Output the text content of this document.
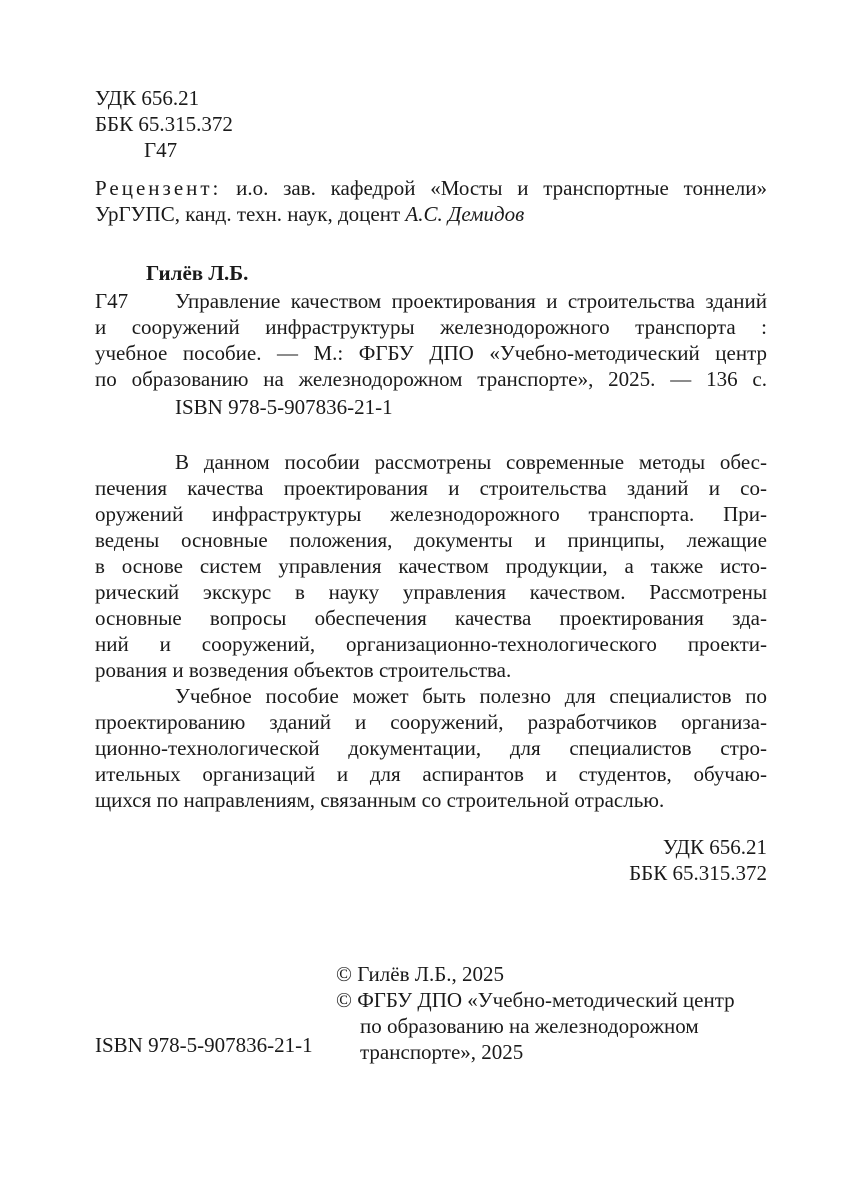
УДК 656.21
ББК 65.315.372
Г47
Рецензент: и.о. зав. кафедрой «Мосты и транспортные тоннели»
УрГУПС, канд. техн. наук, доцент А.С. Демидов
Гилёв Л.Б.
Г47 Управление качеством проектирования и строительства зданий
и сооружений инфраструктуры железнодорожного транспорта :
учебное пособие. — М.: ФГБУ ДПО «Учебно-методический центр
по образованию на железнодорожном транспорте», 2025. — 136 с.
ISBN 978-5-907836-21-1
В данном пособии рассмотрены современные методы обес-
печения качества проектирования и строительства зданий и со-
оружений инфраструктуры железнодорожного транспорта. При-
ведены основные положения, документы и принципы, лежащие
в основе систем управления качеством продукции, а также исто-
рический экскурс в науку управления качеством. Рассмотрены
основные вопросы обеспечения качества проектирования зда-
ний и сооружений, организационно-технологического проекти-
рования и возведения объектов строительства.
Учебное пособие может быть полезно для специалистов по
проектированию зданий и сооружений, разработчиков организа-
ционно-технологической документации, для специалистов стро-
ительных организаций и для аспирантов и студентов, обучаю-
щихся по направлениям, связанным со строительной отраслью.
УДК 656.21
ББК 65.315.372
© Гилёв Л.Б., 2025
© ФГБУ ДПО «Учебно-методический центр
по образованию на железнодорожном
транспорте», 2025
ISBN 978-5-907836-21-1
